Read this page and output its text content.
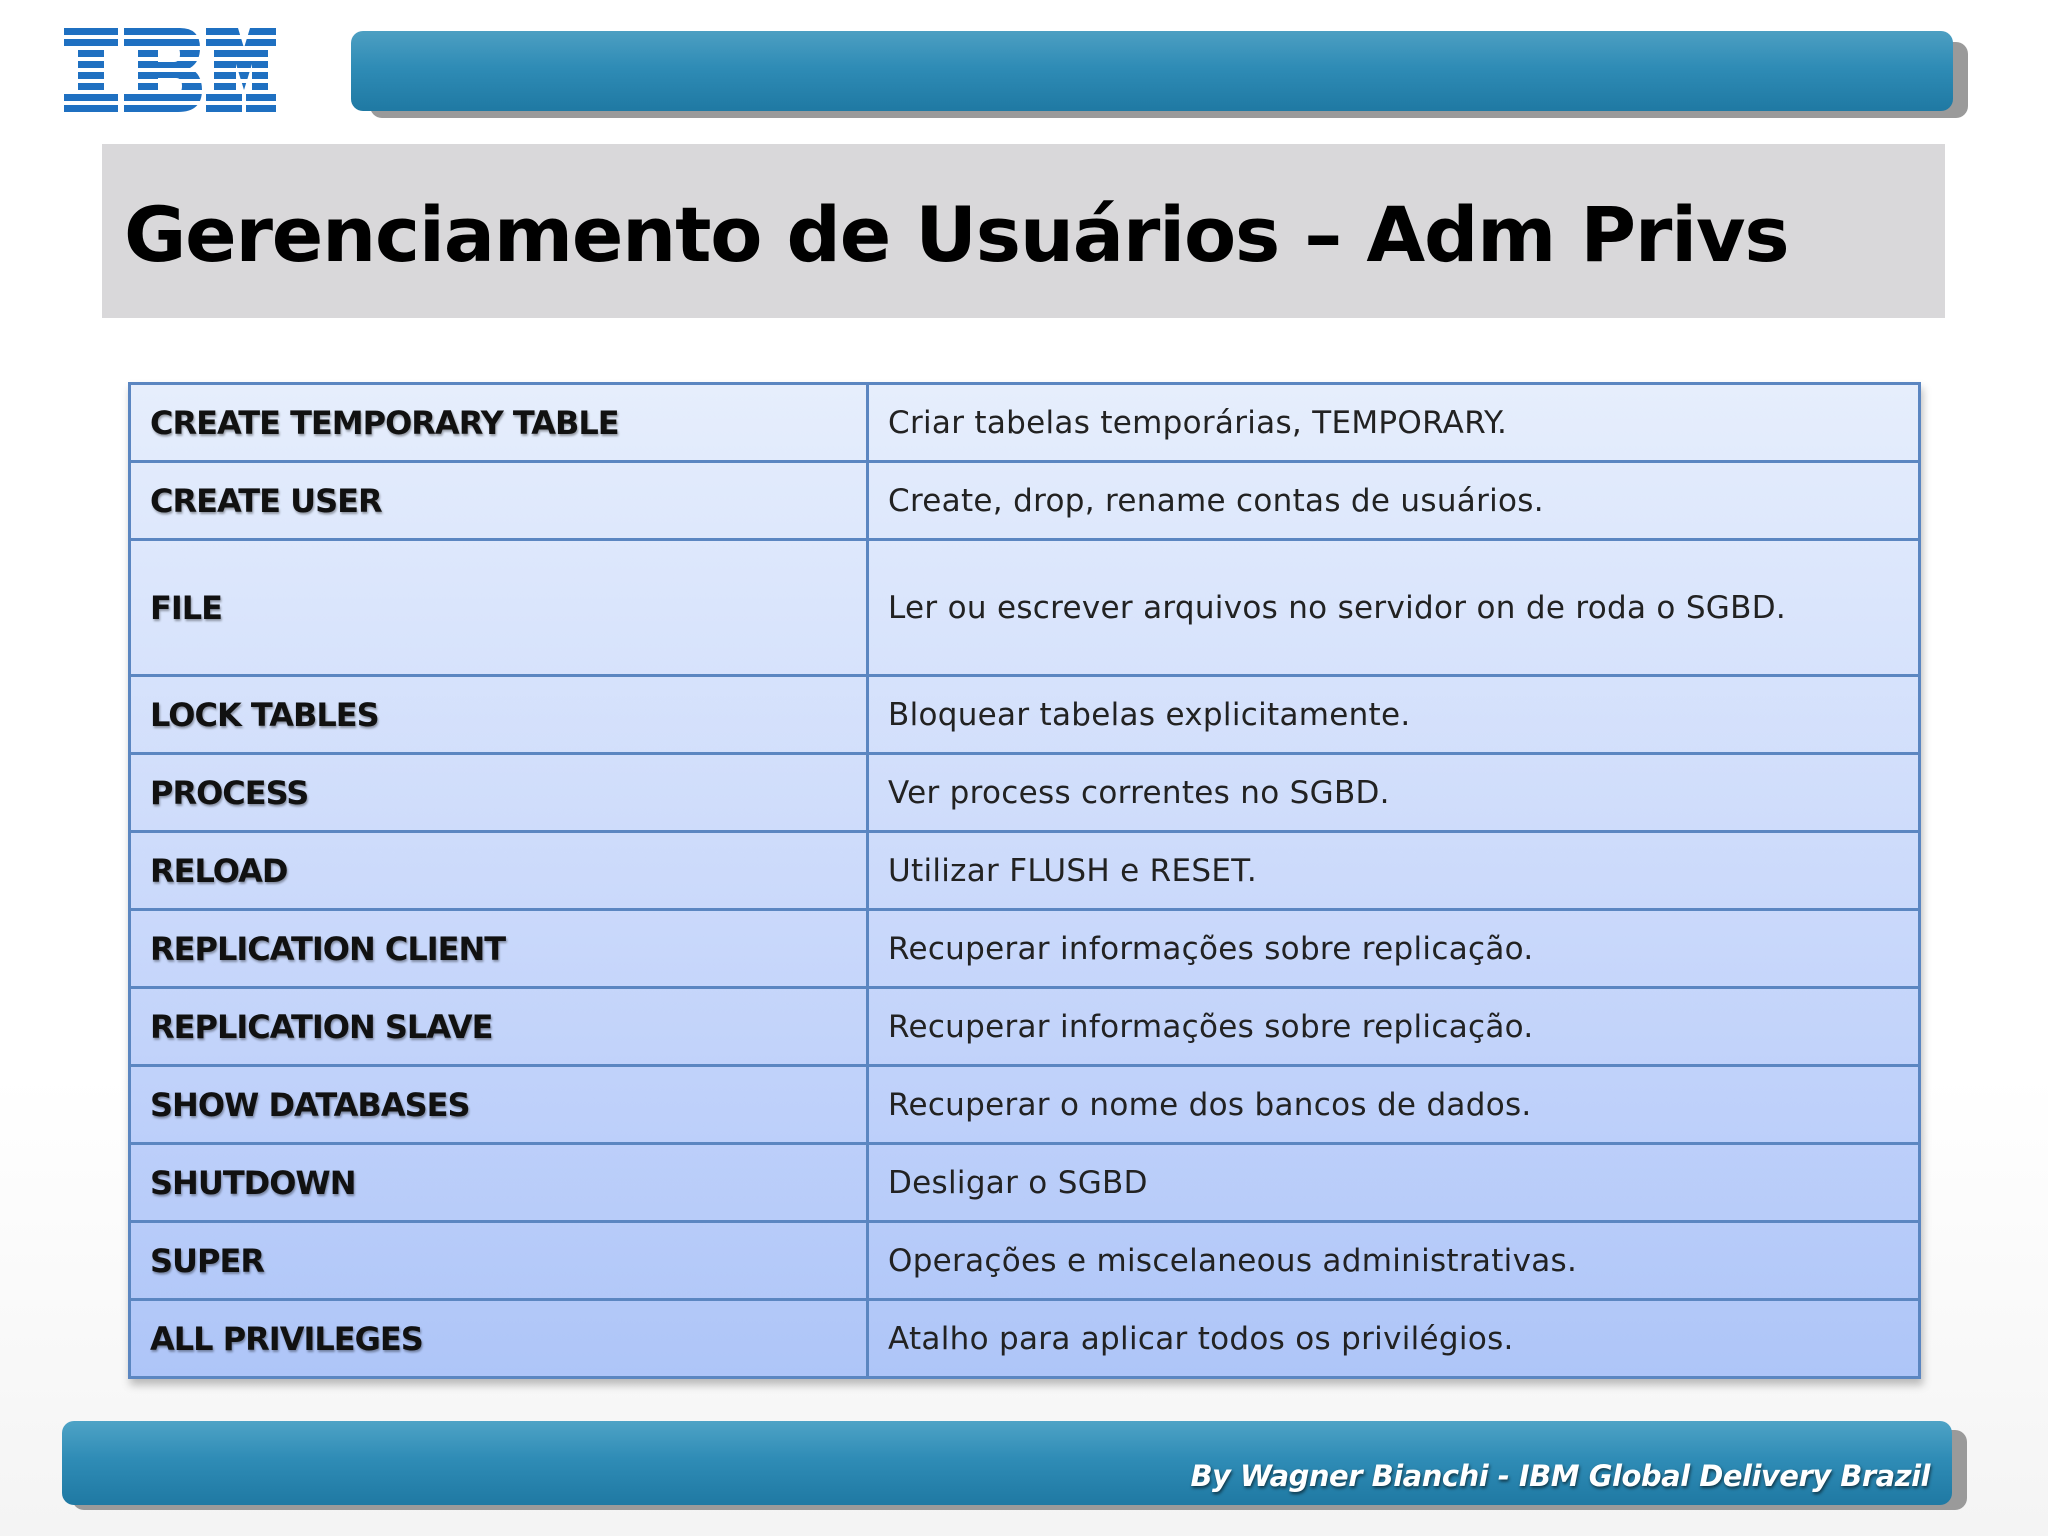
®
Gerenciamento de Usuários – Adm Privs
CREATE TEMPORARY TABLE	Criar tabelas temporárias, TEMPORARY.
CREATE USER	Create, drop, rename contas de usuários.
FILE	Ler ou escrever arquivos no servidor on de roda o SGBD.
LOCK TABLES	Bloquear tabelas explicitamente.
PROCESS	Ver process correntes no SGBD.
RELOAD	Utilizar FLUSH e RESET.
REPLICATION CLIENT	Recuperar informações sobre replicação.
REPLICATION SLAVE	Recuperar informações sobre replicação.
SHOW DATABASES	Recuperar o nome dos bancos de dados.
SHUTDOWN	Desligar o SGBD
SUPER	Operações e miscelaneous administrativas.
ALL PRIVILEGES	Atalho para aplicar todos os privilégios.
By Wagner Bianchi - IBM Global Delivery Brazil
